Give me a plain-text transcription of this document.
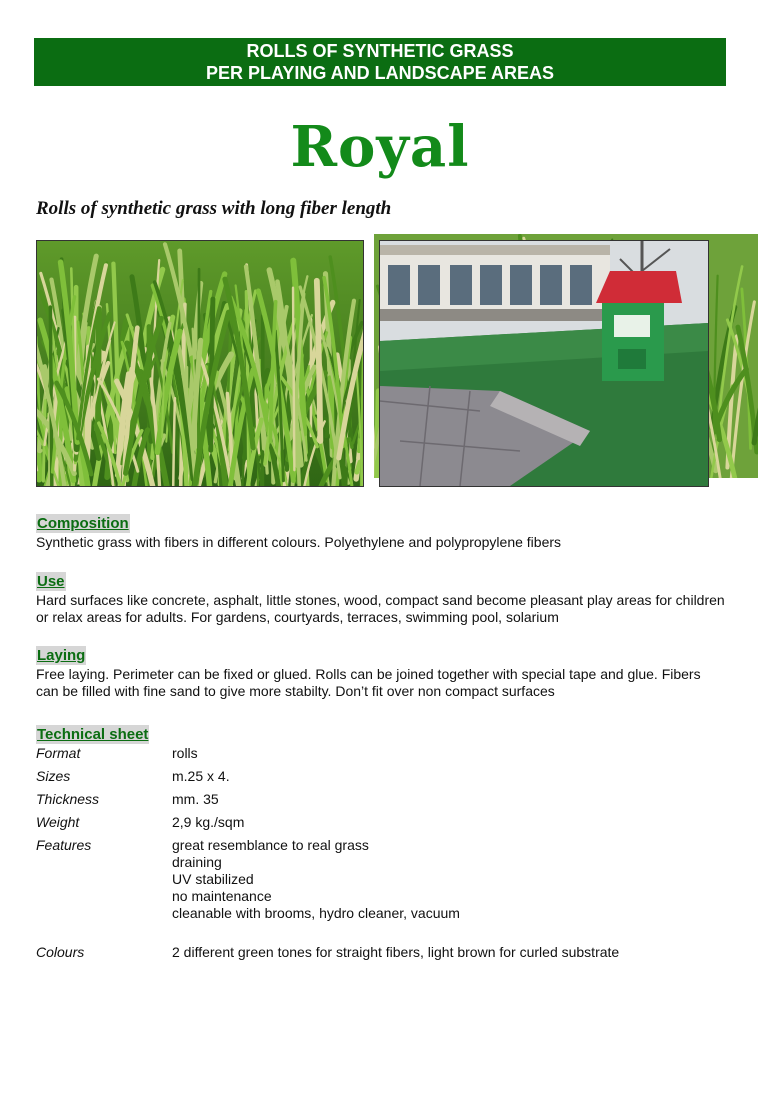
ROLLS OF SYNTHETIC GRASS
PER PLAYING AND LANDSCAPE AREAS
Royal
Rolls of synthetic grass with long fiber length
Composition
Synthetic grass with fibers in different colours. Polyethylene and polypropylene fibers
Use
Hard surfaces like concrete, asphalt, little stones, wood, compact sand become pleasant play areas for children or relax areas for adults. For gardens, courtyards, terraces, swimming pool, solarium
Laying
Free laying. Perimeter can be fixed or glued. Rolls can be joined together with special tape and glue. Fibers can be filled with fine sand to give more stabilty. Don’t fit over non compact surfaces
Technical sheet
Format	rolls
Sizes	m.25 x 4.
Thickness	mm. 35
Weight	2,9 kg./sqm
Features	great resemblance to real grass
draining
UV stabilized
no maintenance
cleanable with brooms, hydro cleaner, vacuum
Colours	2 different green tones for straight fibers, light brown for curled substrate
